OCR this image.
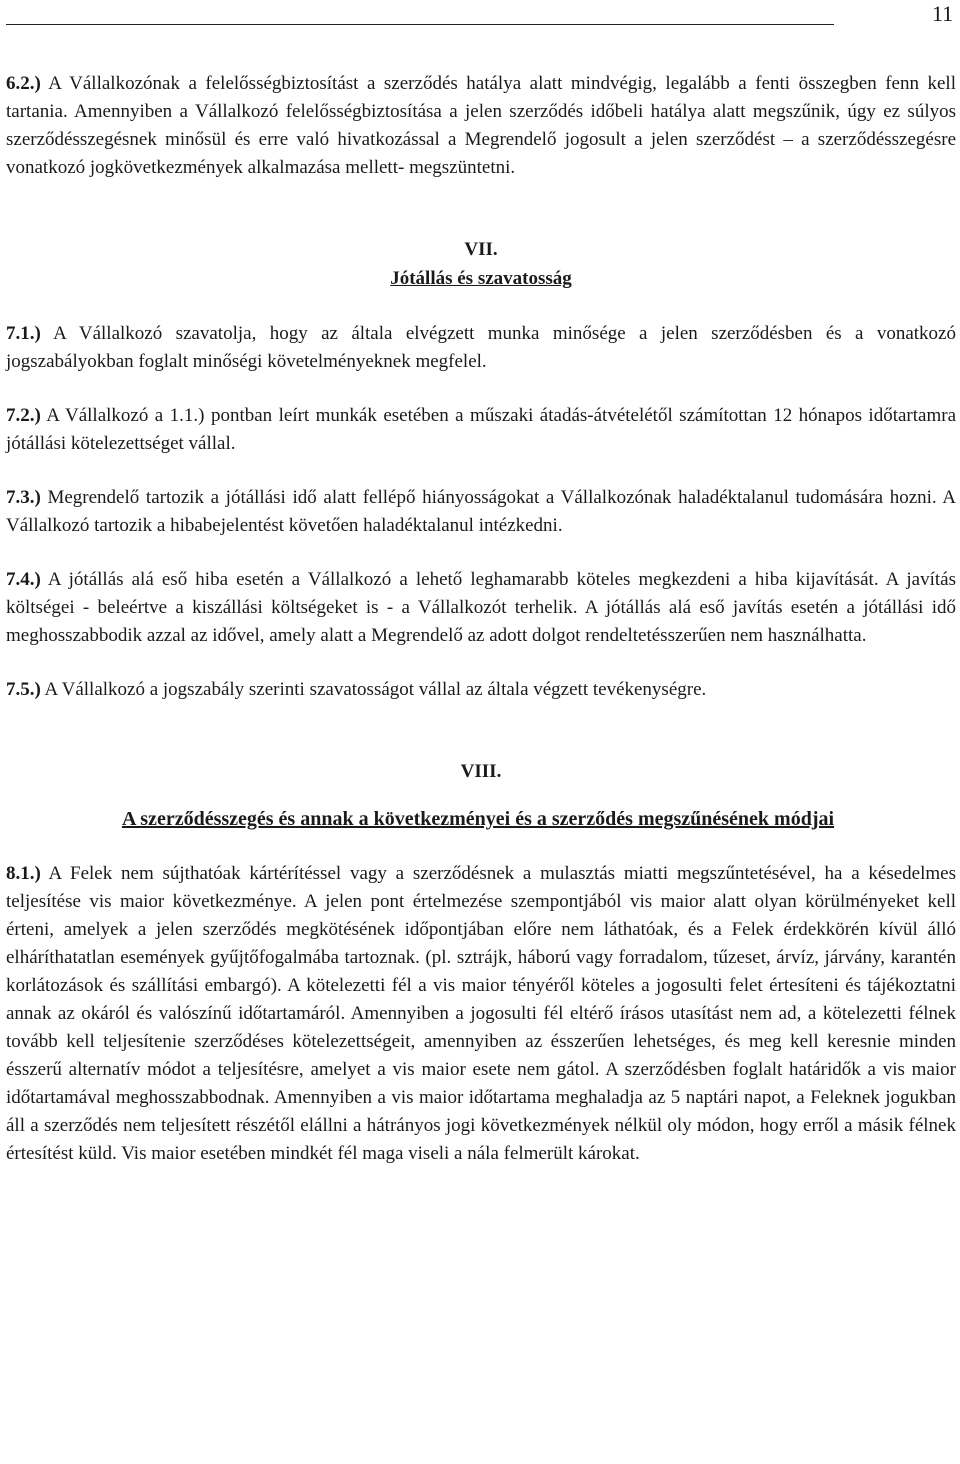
11

6.2.) A Vállalkozónak a felelősségbiztosítást a szerződés hatálya alatt mindvégig, legalább a fenti összegben fenn kell tartania. Amennyiben a Vállalkozó felelősségbiztosítása a jelen szerződés időbeli hatálya alatt megszűnik, úgy ez súlyos szerződésszegésnek minősül és erre való hivatkozással a Megrendelő jogosult a jelen szerződést – a szerződésszegésre vonatkozó jogkövetkezmények alkalmazása mellett- megszüntetni.

VII.

Jótállás és szavatosság

7.1.) A Vállalkozó szavatolja, hogy az általa elvégzett munka minősége a jelen szerződésben és a vonatkozó jogszabályokban foglalt minőségi követelményeknek megfelel.

7.2.) A Vállalkozó a 1.1.) pontban leírt munkák esetében a műszaki átadás-átvételétől számítottan 12 hónapos időtartamra jótállási kötelezettséget vállal.

7.3.) Megrendelő tartozik a jótállási idő alatt fellépő hiányosságokat a Vállalkozónak haladéktalanul tudomására hozni. A Vállalkozó tartozik a hibabejelentést követően haladéktalanul intézkedni.

7.4.) A jótállás alá eső hiba esetén a Vállalkozó a lehető leghamarabb köteles megkezdeni a hiba kijavítását. A javítás költségei - beleértve a kiszállási költségeket is - a Vállalkozót terhelik. A jótállás alá eső javítás esetén a jótállási idő meghosszabbodik azzal az idővel, amely alatt a Megrendelő az adott dolgot rendeltetésszerűen nem használhatta.

7.5.) A Vállalkozó a jogszabály szerinti szavatosságot vállal az általa végzett tevékenységre.

VIII.

A szerződésszegés és annak a következményei és a szerződés megszűnésének módjai

8.1.) A Felek nem sújthatóak kártérítéssel vagy a szerződésnek a mulasztás miatti megszűntetésével, ha a késedelmes teljesítése vis maior következménye. A jelen pont értelmezése szempontjából vis maior alatt olyan körülményeket kell érteni, amelyek a jelen szerződés megkötésének időpontjában előre nem láthatóak, és a Felek érdekkörén kívül álló elháríthatatlan események gyűjtőfogalmába tartoznak. (pl. sztrájk, háború vagy forradalom, tűzeset, árvíz, járvány, karantén korlátozások és szállítási embargó). A kötelezetti fél a vis maior tényéről köteles a jogosulti felet értesíteni és tájékoztatni annak az okáról és valószínű időtartamáról. Amennyiben a jogosulti fél eltérő írásos utasítást nem ad, a kötelezetti félnek tovább kell teljesítenie szerződéses kötelezettségeit, amennyiben az ésszerűen lehetséges, és meg kell keresnie minden ésszerű alternatív módot a teljesítésre, amelyet a vis maior esete nem gátol. A szerződésben foglalt határidők a vis maior időtartamával meghosszabbodnak. Amennyiben a vis maior időtartama meghaladja az 5 naptári napot, a Feleknek jogukban áll a szerződés nem teljesített részétől elállni a hátrányos jogi következmények nélkül oly módon, hogy erről a másik félnek értesítést küld. Vis maior esetében mindkét fél maga viseli a nála felmerült károkat.
